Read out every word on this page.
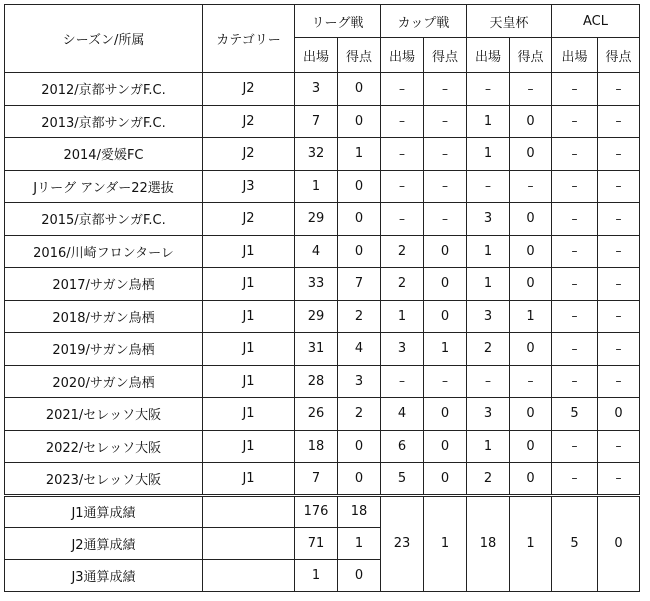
シーズン/所属	カテゴリー	リーグ戦		カップ戦		天皇杯		ACL	
		出場	得点	出場	得点	出場	得点	出場	得点
2012/京都サンガF.C.	J2	3	0	–	–	–	–	–	–
2013/京都サンガF.C.	J2	7	0	–	–	1	0	–	–
2014/愛媛FC	J2	32	1	–	–	1	0	–	–
Jリーグ アンダー22選抜	J3	1	0	–	–	–	–	–	–
2015/京都サンガF.C.	J2	29	0	–	–	3	0	–	–
2016/川崎フロンターレ	J1	4	0	2	0	1	0	–	–
2017/サガン鳥栖	J1	33	7	2	0	1	0	–	–
2018/サガン鳥栖	J1	29	2	1	0	3	1	–	–
2019/サガン鳥栖	J1	31	4	3	1	2	0	–	–
2020/サガン鳥栖	J1	28	3	–	–	–	–	–	–
2021/セレッソ大阪	J1	26	2	4	0	3	0	5	0
2022/セレッソ大阪	J1	18	0	6	0	1	0	–	–
2023/セレッソ大阪	J1	7	0	5	0	2	0	–	–
J1通算成績		176	18	23	1	18	1	5	0
J2通算成績		71	1						
J3通算成績		1	0						
